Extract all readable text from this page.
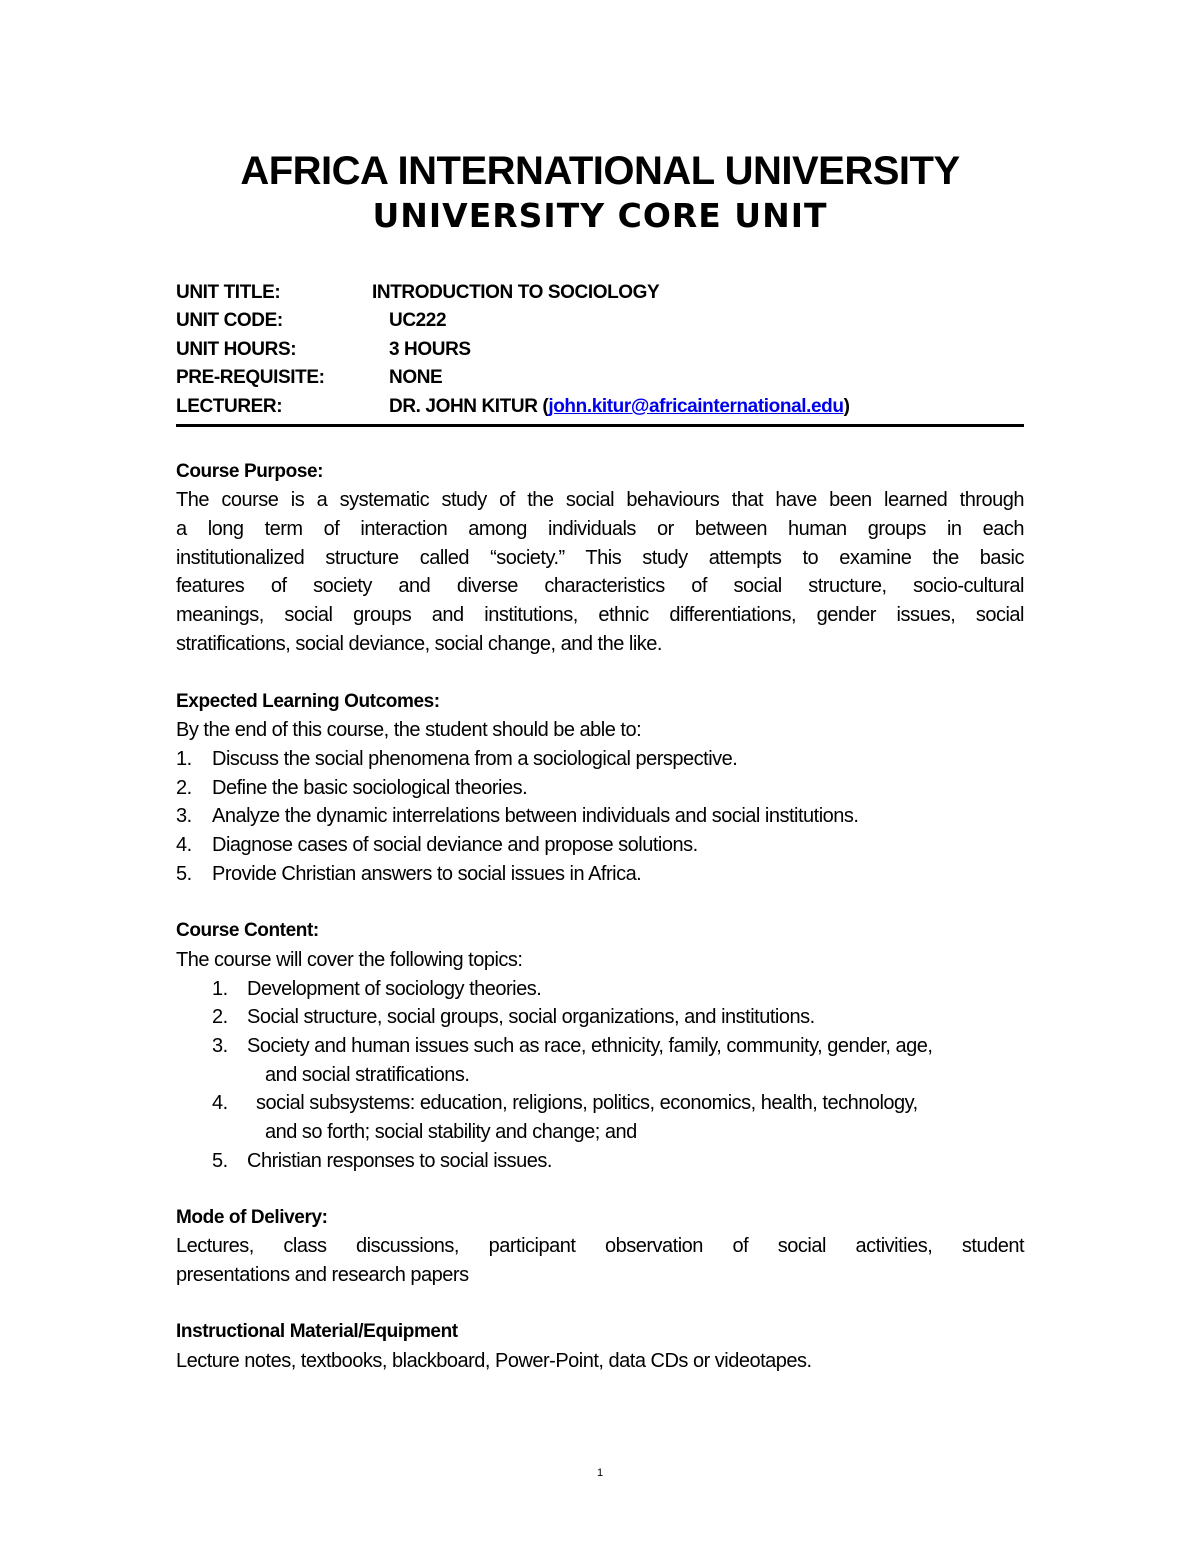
AFRICA INTERNATIONAL UNIVERSITY
UNIVERSITY CORE UNIT
UNIT TITLE:	INTRODUCTION TO SOCIOLOGY
UNIT CODE:	UC222
UNIT HOURS:	3 HOURS
PRE-REQUISITE:	NONE
LECTURER:	DR. JOHN KITUR (john.kitur@africainternational.edu)
Course Purpose:
The course is a systematic study of the social behaviours that have been learned through
a long term of interaction among individuals or between human groups in each
institutionalized structure called “society.” This study attempts to examine the basic
features of society and diverse characteristics of social structure, socio-cultural
meanings, social groups and institutions, ethnic differentiations, gender issues, social
stratifications, social deviance, social change, and the like.
Expected Learning Outcomes:
By the end of this course, the student should be able to:
1. Discuss the social phenomena from a sociological perspective.
2. Define the basic sociological theories.
3. Analyze the dynamic interrelations between individuals and social institutions.
4. Diagnose cases of social deviance and propose solutions.
5. Provide Christian answers to social issues in Africa.
Course Content:
The course will cover the following topics:
1. Development of sociology theories.
2. Social structure, social groups, social organizations, and institutions.
3. Society and human issues such as race, ethnicity, family, community, gender, age,
and social stratifications.
4. social subsystems: education, religions, politics, economics, health, technology,
and so forth; social stability and change; and
5. Christian responses to social issues.
Mode of Delivery:
Lectures, class discussions, participant observation of social activities, student
presentations and research papers
Instructional Material/Equipment
Lecture notes, textbooks, blackboard, Power-Point, data CDs or videotapes.
1
